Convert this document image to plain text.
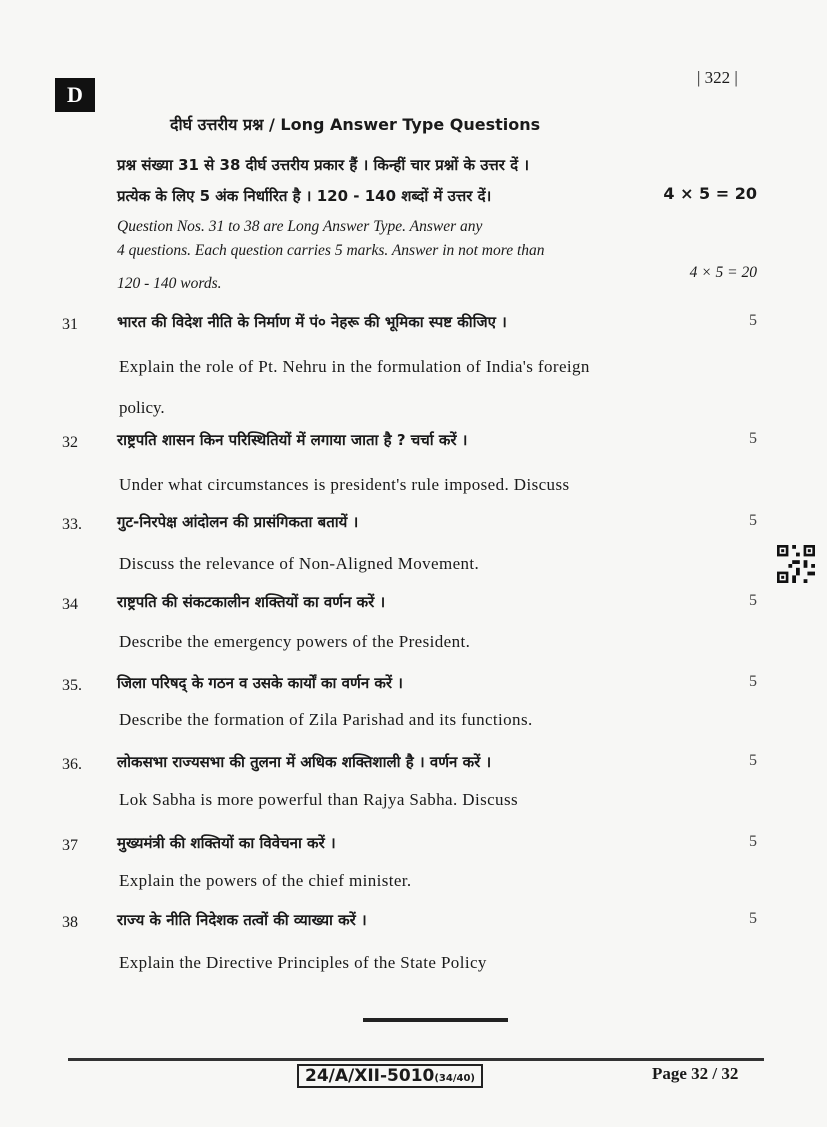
D
| 322 |
दीर्घ उत्तरीय प्रश्न / Long Answer Type Questions
प्रश्न संख्या 31 से 38 दीर्घ उत्तरीय प्रकार हैं । किन्हीं चार प्रश्नों के उत्तर दें ।
प्रत्येक के लिए 5 अंक निर्धारित है । 120 - 140 शब्दों में उत्तर दें।	4 × 5 = 20
Question Nos. 31 to 38 are Long Answer Type. Answer any
4 questions. Each question carries 5 marks. Answer in not more than
4 × 5 = 20
120 - 140 words.
31	भारत की विदेश नीति के निर्माण में पं० नेहरू की भूमिका स्पष्ट कीजिए ।	5
Explain the role of Pt. Nehru in the formulation of India's foreign
policy.
32	राष्ट्रपति शासन किन परिस्थितियों में लगाया जाता है ? चर्चा करें ।	5
Under what circumstances is president's rule imposed. Discuss
33. गुट-निरपेक्ष आंदोलन की प्रासंगिकता बतायें ।	5
Discuss the relevance of Non-Aligned Movement.
34	राष्ट्रपति की संकटकालीन शक्तियों का वर्णन करें ।	5
Describe the emergency powers of the President.
35. जिला परिषद् के गठन व उसके कार्यों का वर्णन करें ।	5
Describe the formation of Zila Parishad and its functions.
36. लोकसभा राज्यसभा की तुलना में अधिक शक्तिशाली है । वर्णन करें ।	5
Lok Sabha is more powerful than Rajya Sabha. Discuss
37	मुख्यमंत्री की शक्तियों का विवेचना करें ।	5
Explain the powers of the chief minister.
38	राज्य के नीति निदेशक तत्वों की व्याख्या करें ।	5
Explain the Directive Principles of the State Policy
24/A/XII-5010(34/40)	Page 32 / 32
